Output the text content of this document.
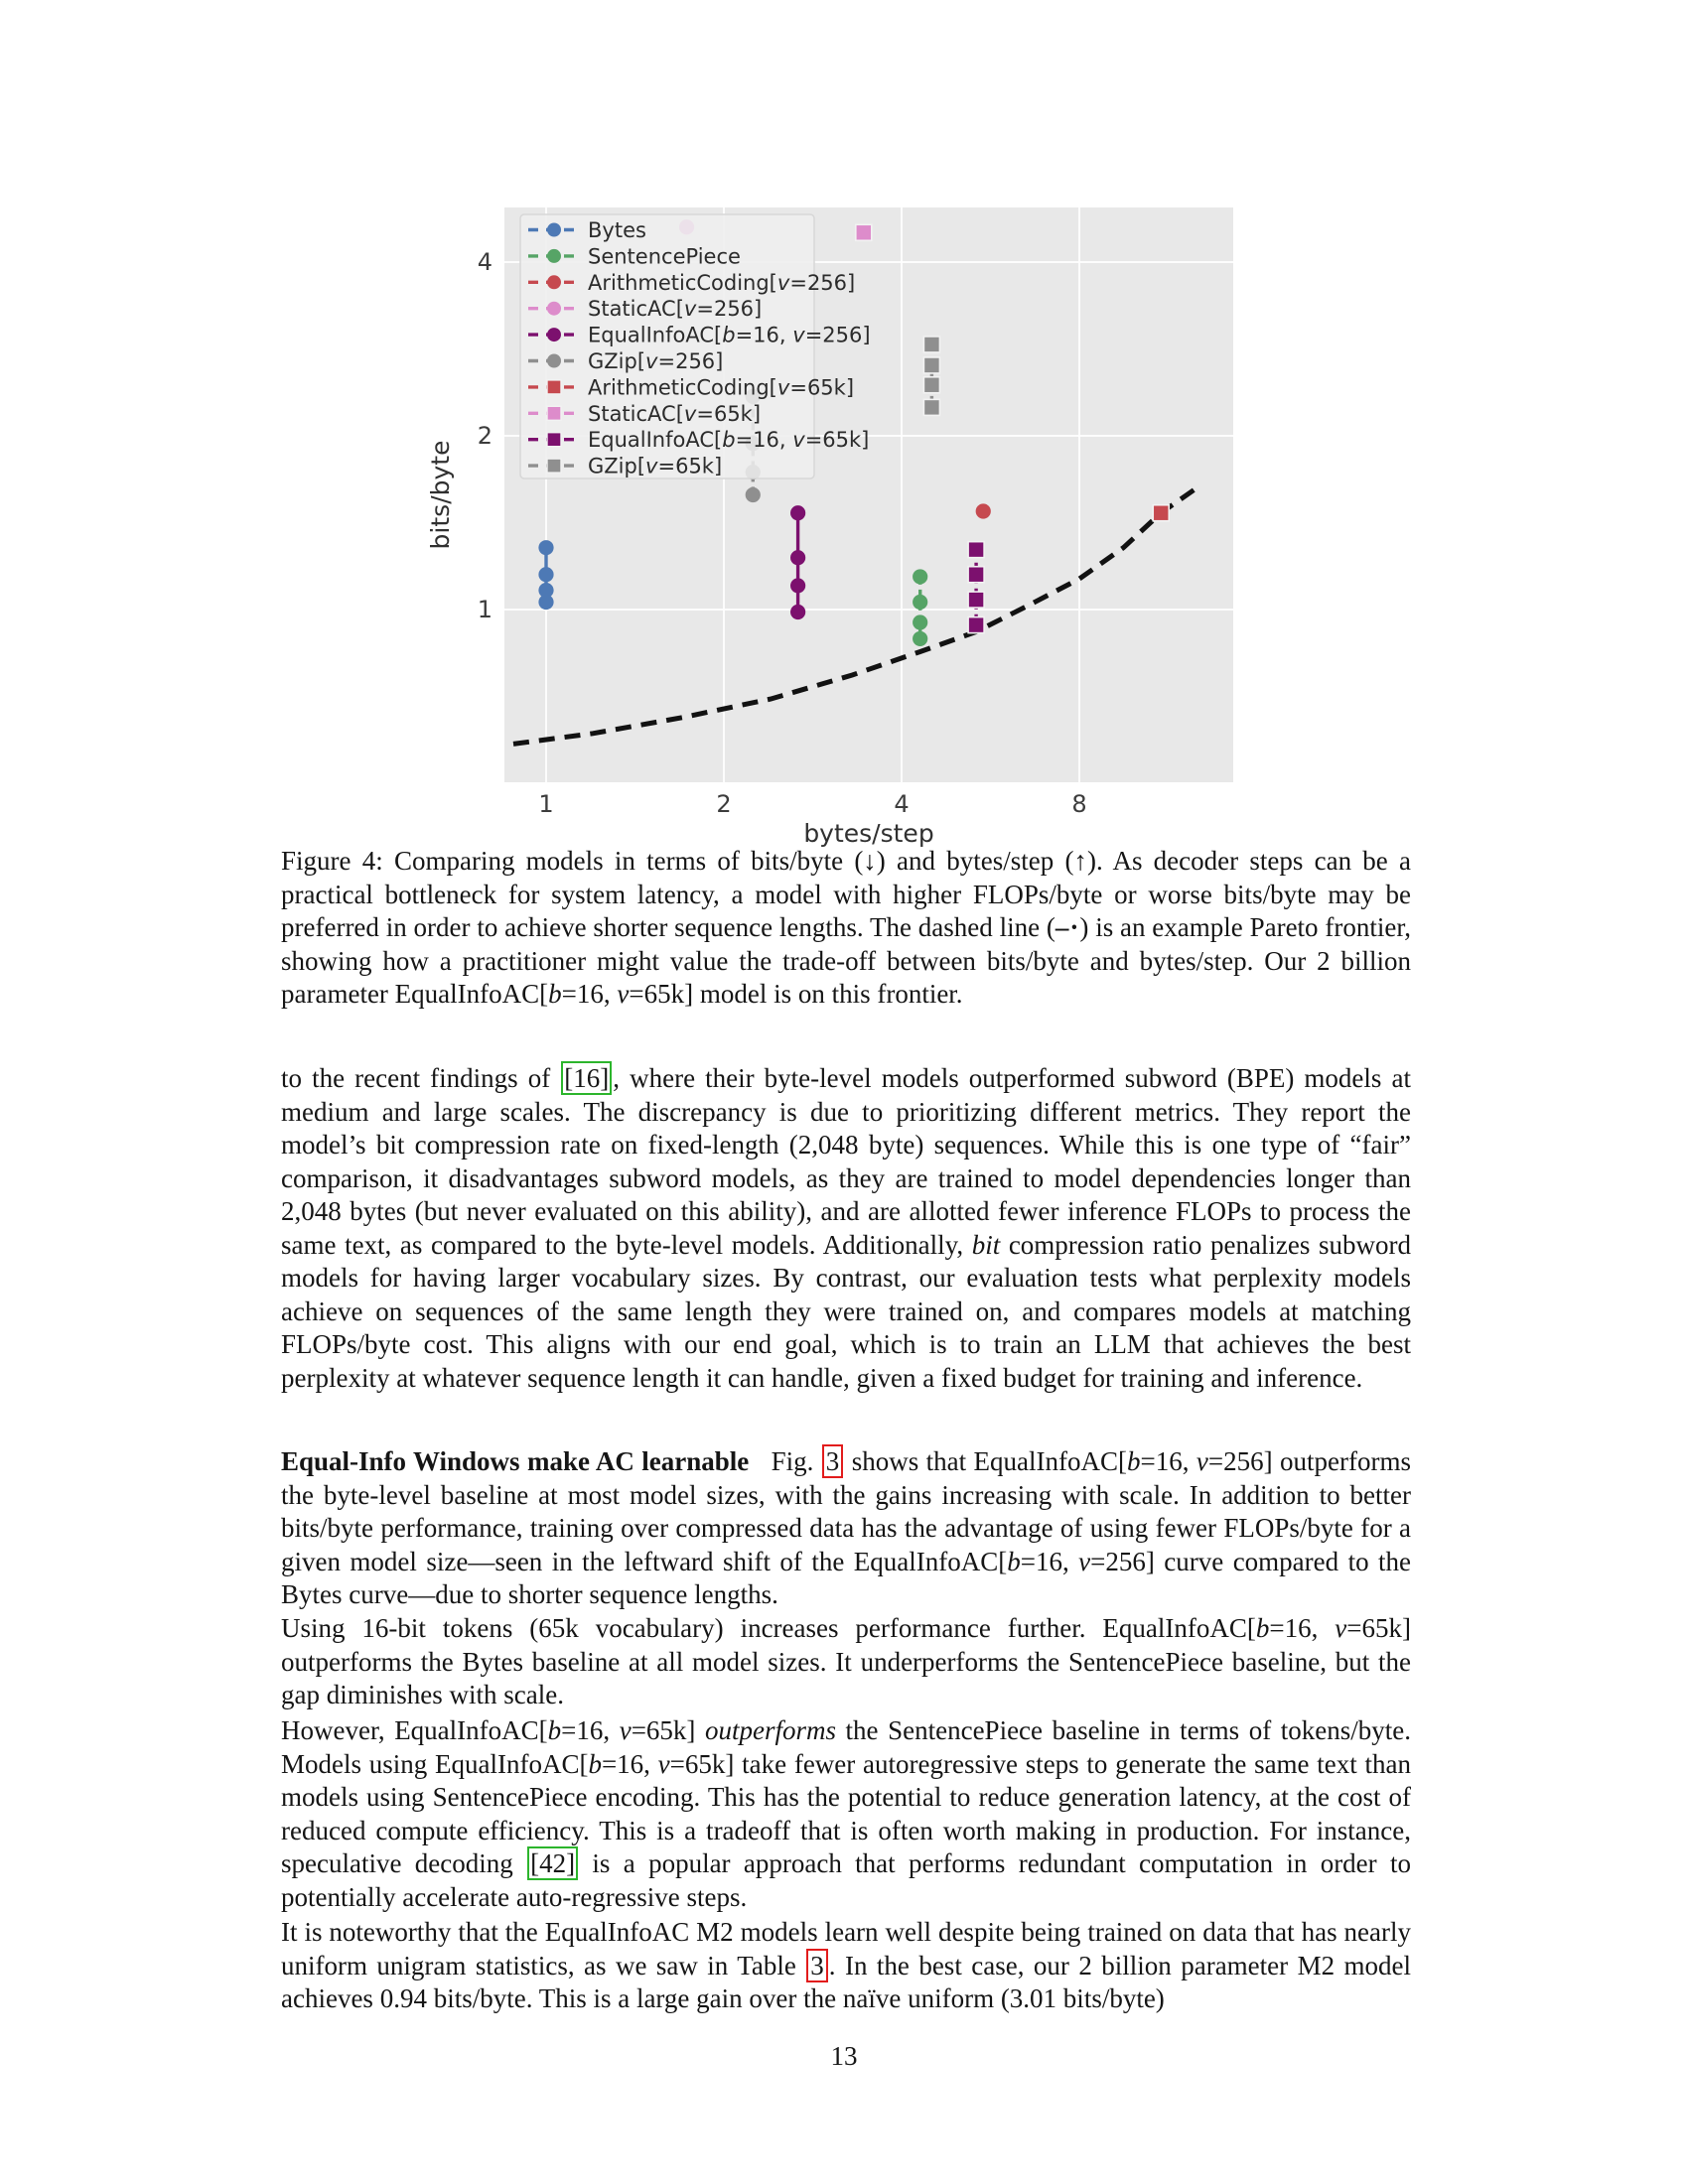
Bytes
SentencePiece
ArithmeticCoding[v=256]
StaticAC[v=256]
EqualInfoAC[b=16, v=256]
GZip[v=256]
ArithmeticCoding[v=65k]
StaticAC[v=65k]
EqualInfoAC[b=16, v=65k]
GZip[v=65k]
1	2	4	8
1
2
4
bytes/step
bits/byte
Figure 4: Comparing models in terms of bits/byte (↓) and bytes/step (↑). As decoder steps can be a practical bottleneck for system latency, a model with higher FLOPs/byte or worse bits/byte may be preferred in order to achieve shorter sequence lengths. The dashed line (–·) is an example Pareto frontier, showing how a practitioner might value the trade-off between bits/byte and bytes/step. Our 2 billion parameter EqualInfoAC[b=16, v=65k] model is on this frontier.
to the recent findings of [16] , where their byte-level models outperformed subword (BPE) models at medium and large scales. The discrepancy is due to prioritizing different metrics. They report the model’s bit compression rate on fixed-length (2,048 byte) sequences. While this is one type of “fair” comparison, it disadvantages subword models, as they are trained to model dependencies longer than 2,048 bytes (but never evaluated on this ability), and are allotted fewer inference FLOPs to process the same text, as compared to the byte-level models. Additionally, bit compression ratio penalizes subword models for having larger vocabulary sizes. By contrast, our evaluation tests what perplexity models achieve on sequences of the same length they were trained on, and compares models at matching FLOPs/byte cost. This aligns with our end goal, which is to train an LLM that achieves the best perplexity at whatever sequence length it can handle, given a fixed budget for training and inference.
Equal-Info Windows make AC learnable Fig. 3 shows that EqualInfoAC[b=16, v=256] outperforms the byte-level baseline at most model sizes, with the gains increasing with scale. In addition to better bits/byte performance, training over compressed data has the advantage of using fewer FLOPs/byte for a given model size—seen in the leftward shift of the EqualInfoAC[b=16, v=256] curve compared to the Bytes curve—due to shorter sequence lengths.
Using 16-bit tokens (65k vocabulary) increases performance further. EqualInfoAC[b=16, v=65k] outperforms the Bytes baseline at all model sizes. It underperforms the SentencePiece baseline, but the gap diminishes with scale.
However, EqualInfoAC[b=16, v=65k] outperforms the SentencePiece baseline in terms of tokens/byte. Models using EqualInfoAC[b=16, v=65k] take fewer autoregressive steps to generate the same text than models using SentencePiece encoding. This has the potential to reduce generation latency, at the cost of reduced compute efficiency. This is a tradeoff that is often worth making in production. For instance, speculative decoding [42] is a popular approach that performs redundant computation in order to potentially accelerate auto-regressive steps.
It is noteworthy that the EqualInfoAC M2 models learn well despite being trained on data that has nearly uniform unigram statistics, as we saw in Table 3 . In the best case, our 2 billion parameter M2 model achieves 0.94 bits/byte. This is a large gain over the naïve uniform (3.01 bits/byte)
13
